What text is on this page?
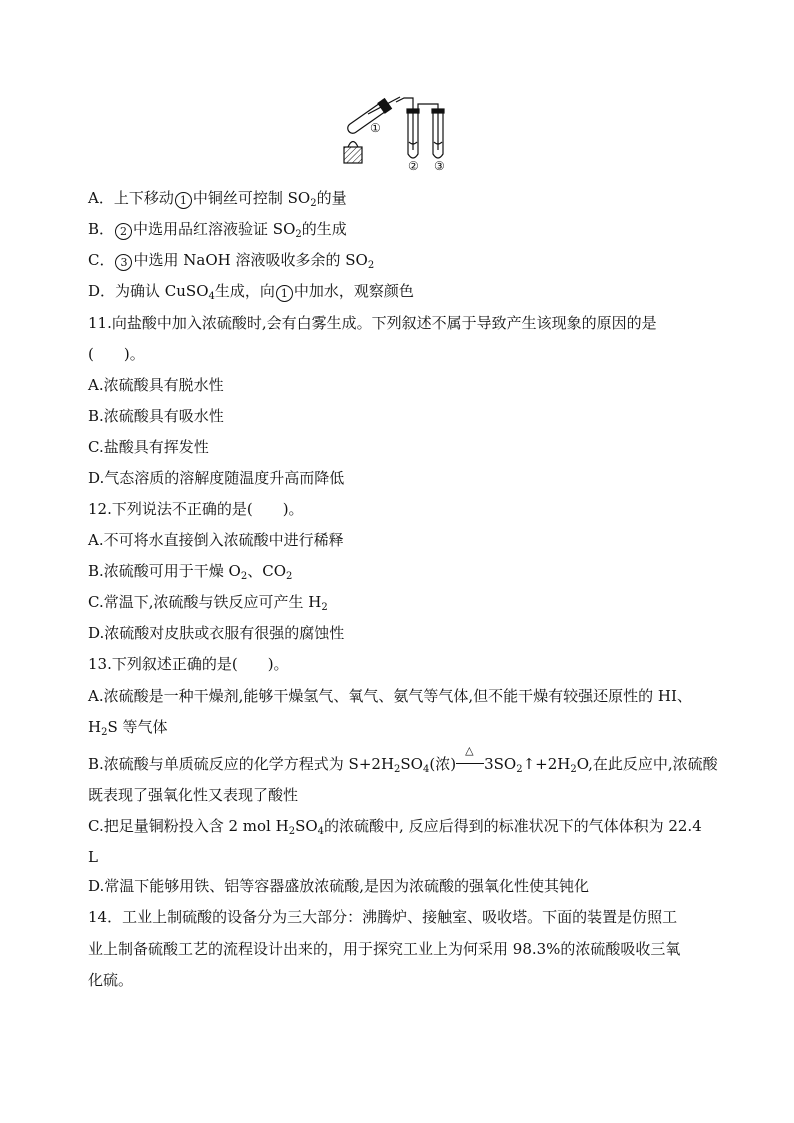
①
② ③
A．上下移动 1 中铜丝可控制 $SO_2$的量
B． 2 中选用品红溶液验证 $SO_2$的生成
C． 3 中选用 NaOH 溶液吸收多余的 $SO_2$
D．为确认 CuSO$_4$生成，向 1 中加水，观察颜色
11.向盐酸中加入浓硫酸时,会有白雾生成。下列叙述不属于导致产生该现象的原因的是
(　　)。
A.浓硫酸具有脱水性
B.浓硫酸具有吸水性
C.盐酸具有挥发性
D.气态溶质的溶解度随温度升高而降低
12.下列说法不正确的是(　　)。
A.不可将水直接倒入浓硫酸中进行稀释
B.浓硫酸可用于干燥 $O_2$、$CO_2$
C.常温下,浓硫酸与铁反应可产生 $H_2$
D.浓硫酸对皮肤或衣服有很强的腐蚀性
13.下列叙述正确的是(　　)。
A.浓硫酸是一种干燥剂,能够干燥氢气、氧气、氨气等气体,但不能干燥有较强还原性的 HI、
$H_2S$ 等气体
B.浓硫酸与单质硫反应的化学方程式为 $S+2H_2SO_4$(浓)
△
$3SO_2↑+2H_2O$,在此反应中,浓硫酸
既表现了强氧化性又表现了酸性
C.把足量铜粉投入含 2 mol $H_2SO_4$的浓硫酸中, 反应后得到的标准状况下的气体体积为 22.4
L
D.常温下能够用铁、铝等容器盛放浓硫酸,是因为浓硫酸的强氧化性使其钝化
14．工业上制硫酸的设备分为三大部分：沸腾炉、接触室、吸收塔。下面的装置是仿照工
业上制备硫酸工艺的流程设计出来的，用于探究工业上为何采用 98.3%的浓硫酸吸收三氧
化硫。
